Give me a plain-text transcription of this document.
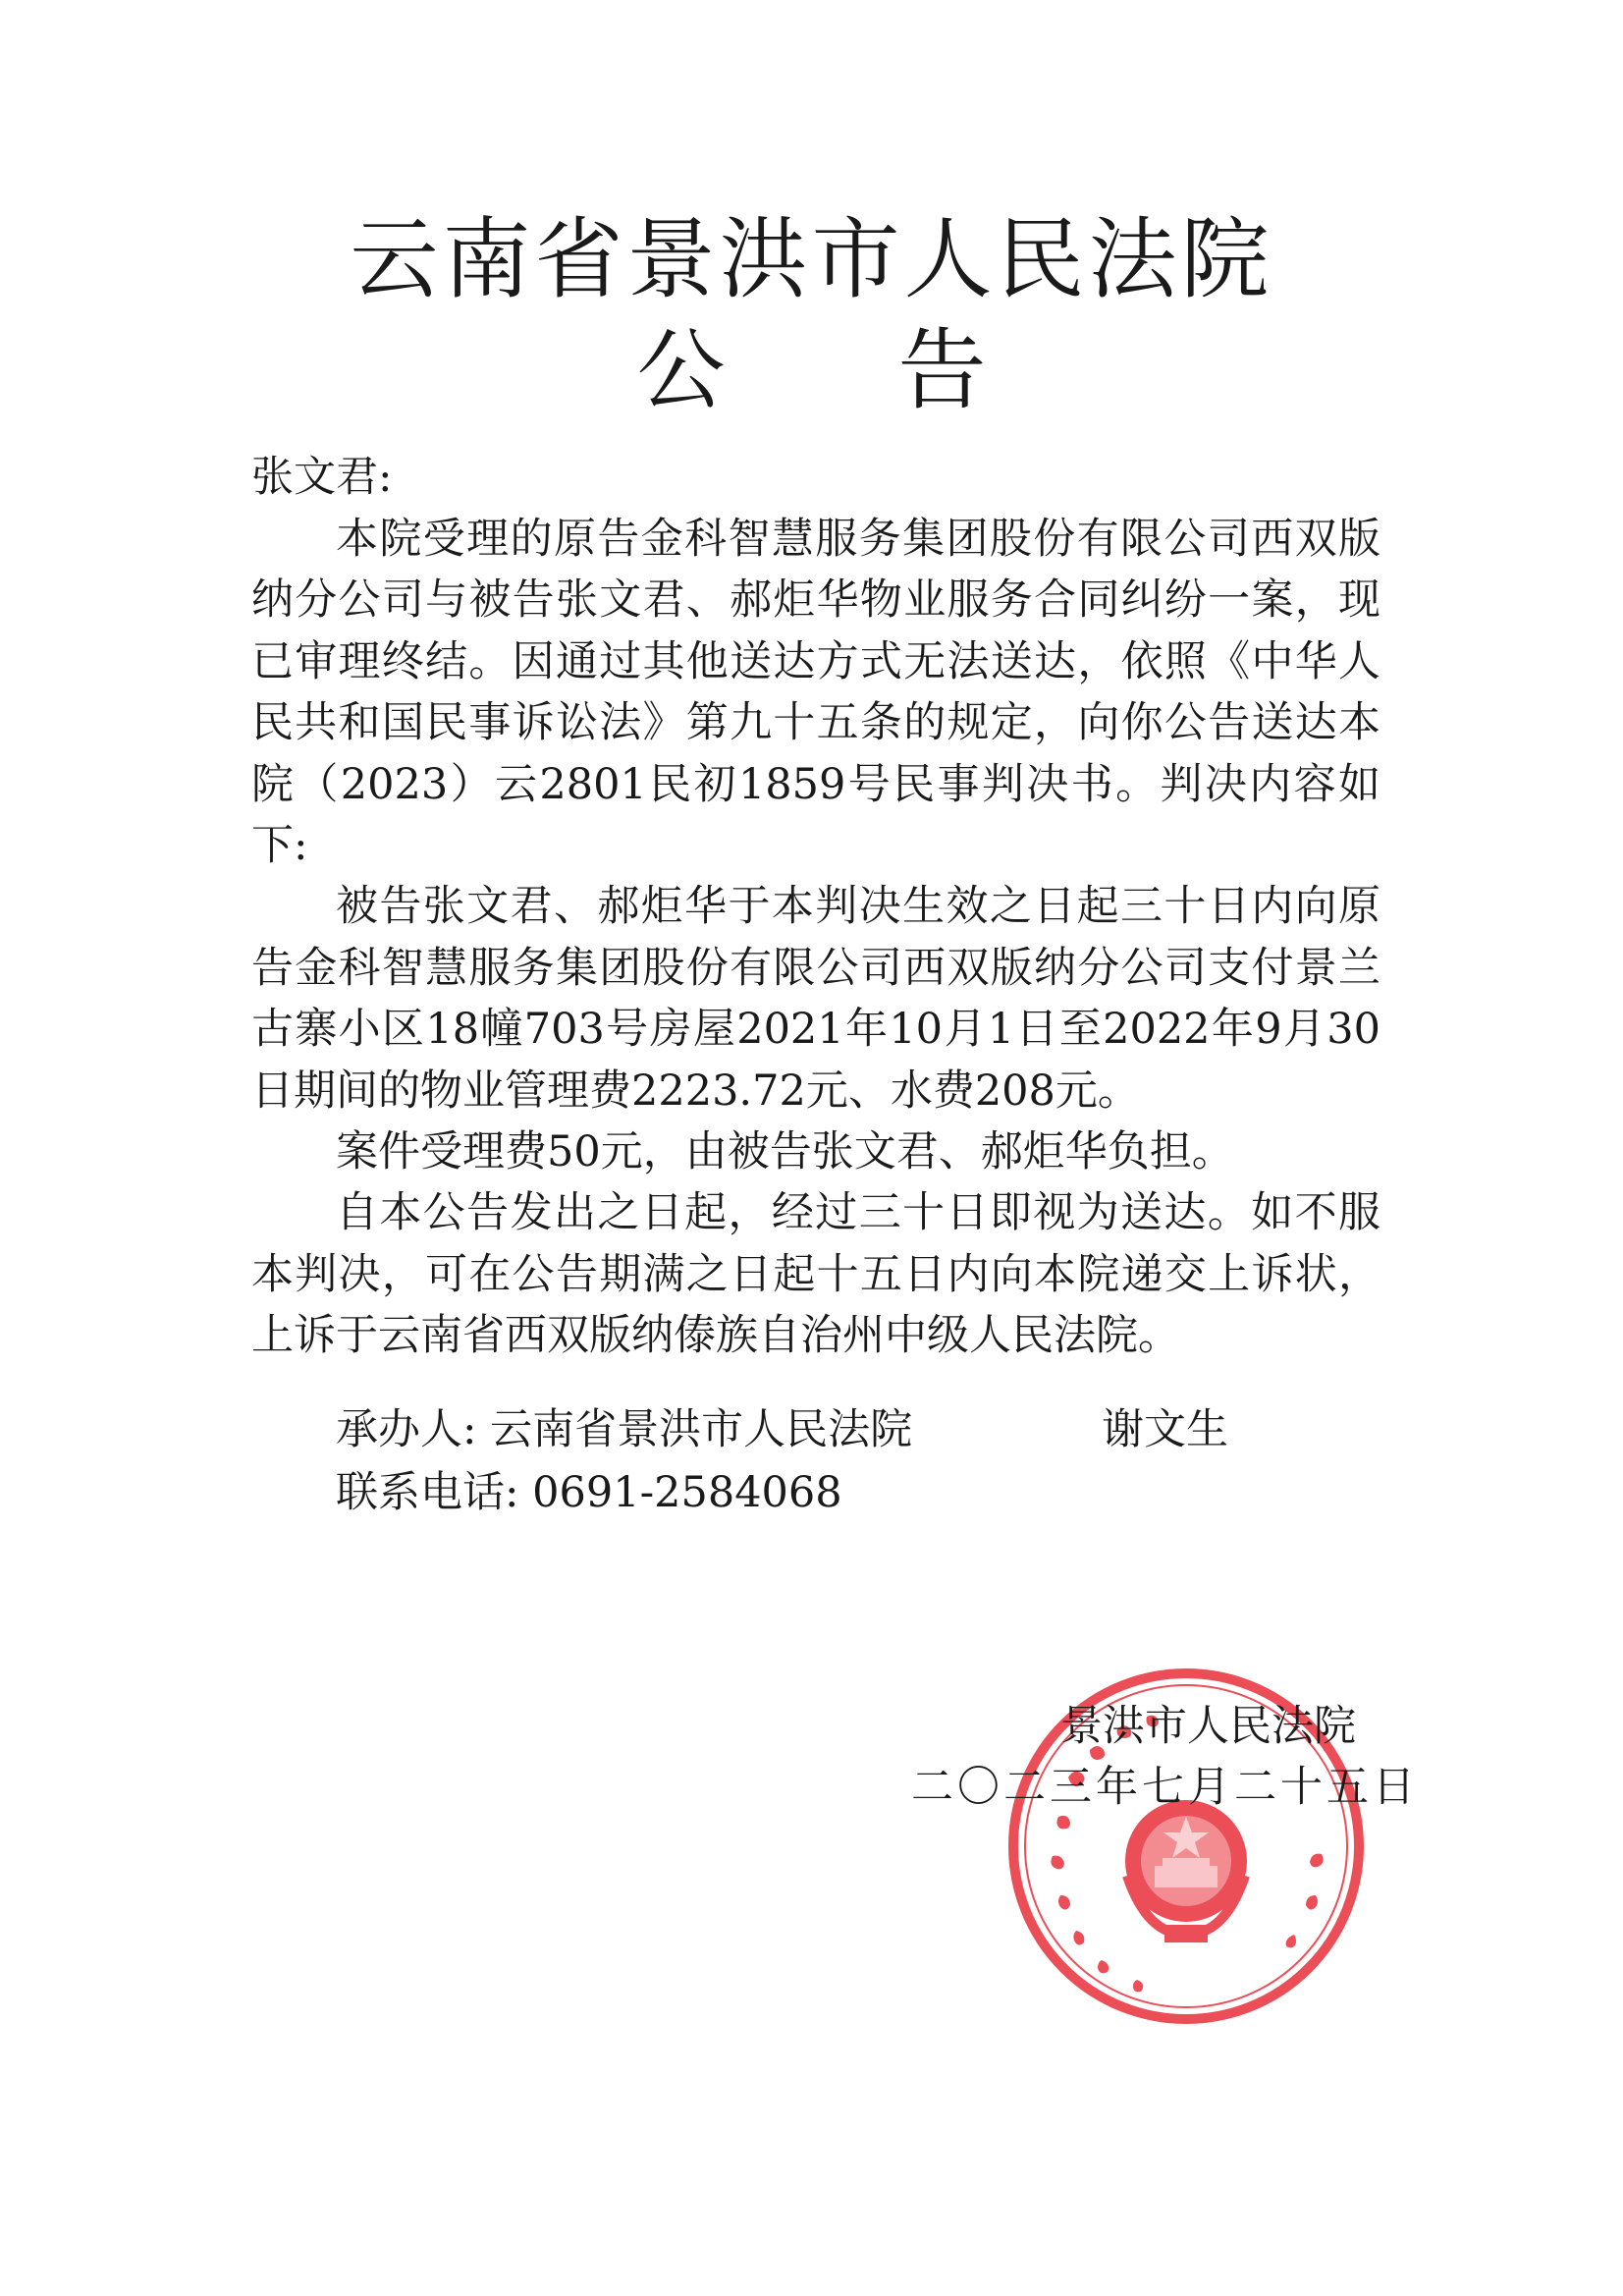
云南省景洪市人民法院
公 告
张文君:

本院受理的原告金科智慧服务集团股份有限公司西双版纳分公司与被告张文君、郝炬华物业服务合同纠纷一案，现已审理终结。因通过其他送达方式无法送达，依照《中华人民共和国民事诉讼法》第九十五条的规定，向你公告送达本院（2023）云2801民初1859号民事判决书。判决内容如下:

被告张文君、郝炬华于本判决生效之日起三十日内向原告金科智慧服务集团股份有限公司西双版纳分公司支付景兰古寨小区18幢703号房屋2021年10月1日至2022年9月30日期间的物业管理费2223.72元、水费208元。

案件受理费50元，由被告张文君、郝炬华负担。

自本公告发出之日起，经过三十日即视为送达。如不服本判决，可在公告期满之日起十五日内向本院递交上诉状，上诉于云南省西双版纳傣族自治州中级人民法院。

承办人: 云南省景洪市人民法院	谢文生
联系电话: 0691-2584068
景洪市人民法院
二〇二三年七月二十五日
